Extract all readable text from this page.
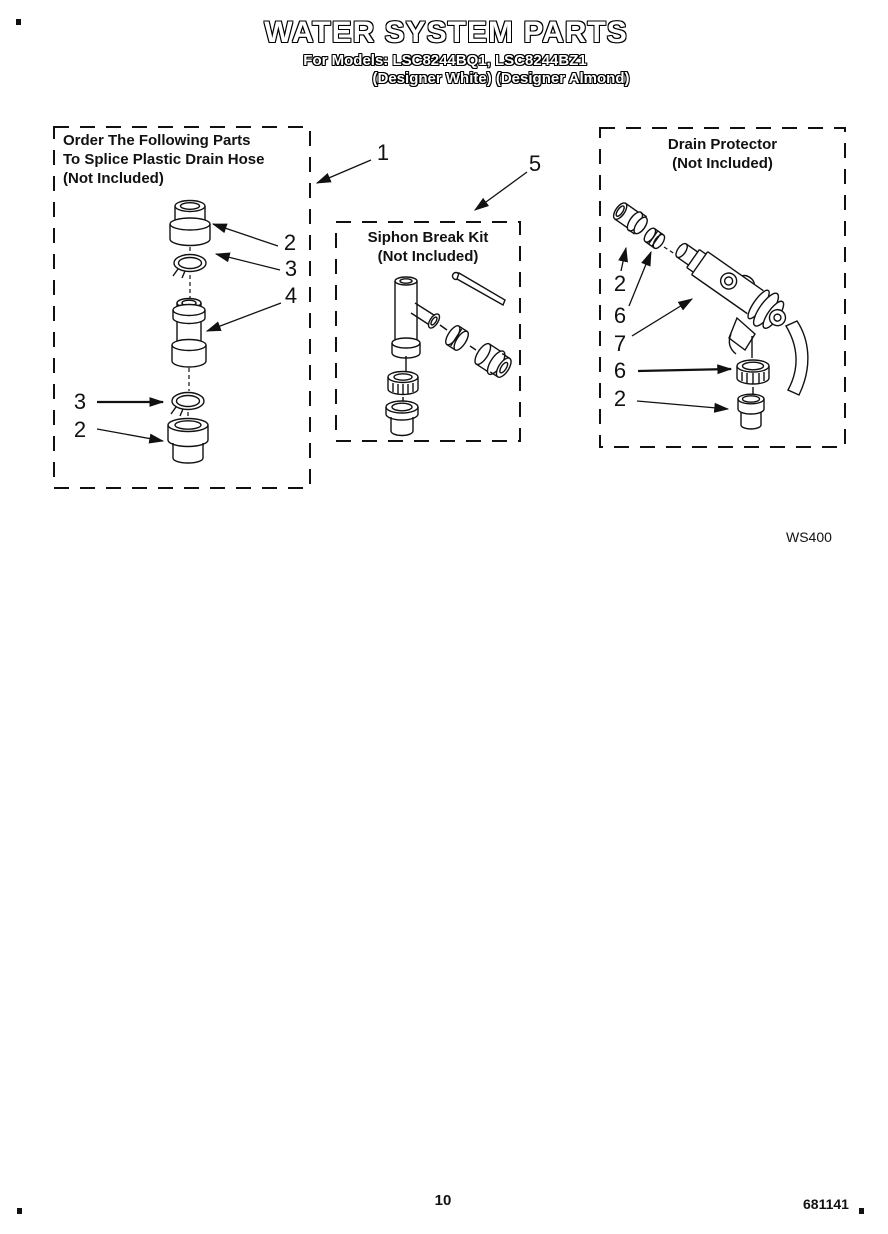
WATER SYSTEM PARTS
For Models: LSC8244BQ1, LSC8244BZ1
(Designer White) (Designer Almond)
Order The Following Parts
To Splice Plastic Drain Hose
(Not Included)
Siphon Break Kit
(Not Included)
Drain Protector
(Not Included)
1	5
2
3
4
3
2
2
6
7
6
2
WS400
10	681141
